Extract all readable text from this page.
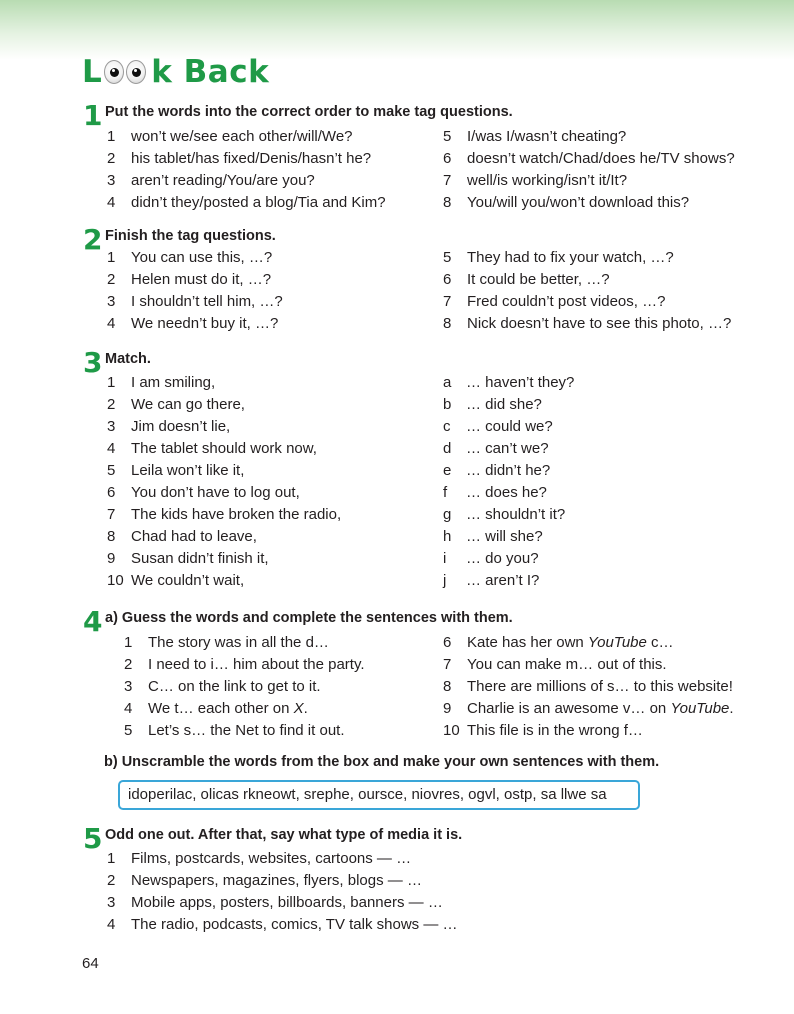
L k Back
1 Put the words into the correct order to make tag questions.
1 won’t we/see each other/will/We?
2 his tablet/has fixed/Denis/hasn’t he?
3 aren’t reading/You/are you?
4 didn’t they/posted a blog/Tia and Kim?
5 I/was I/wasn’t cheating?
6 doesn’t watch/Chad/does he/TV shows?
7 well/is working/isn’t it/It?
8 You/will you/won’t download this?
2 Finish the tag questions.
1 You can use this, …?
2 Helen must do it, …?
3 I shouldn’t tell him, …?
4 We needn’t buy it, …?
5 They had to fix your watch, …?
6 It could be better, …?
7 Fred couldn’t post videos, …?
8 Nick doesn’t have to see this photo, …?
3 Match.
1 I am smiling,
2 We can go there,
3 Jim doesn’t lie,
4 The tablet should work now,
5 Leila won’t like it,
6 You don’t have to log out,
7 The kids have broken the radio,
8 Chad had to leave,
9 Susan didn’t finish it,
10 We couldn’t wait,
a … haven’t they?
b … did she?
c … could we?
d … can’t we?
e … didn’t he?
f … does he?
g … shouldn’t it?
h … will she?
i … do you?
j … aren’t I?
4 a) Guess the words and complete the sentences with them.
1 The story was in all the d…
2 I need to i… him about the party.
3 C… on the link to get to it.
4 We t… each other on X.
5 Let’s s… the Net to find it out.
6 Kate has her own YouTube c…
7 You can make m… out of this.
8 There are millions of s… to this website!
9 Charlie is an awesome v… on YouTube.
10 This file is in the wrong f…
b) Unscramble the words from the box and make your own sentences with them.
idoperilac, olicas rkneowt, srephe, oursce, niovres, ogvl, ostp, sa llwe sa
5 Odd one out. After that, say what type of media it is.
1 Films, postcards, websites, cartoons — …
2 Newspapers, magazines, flyers, blogs — …
3 Mobile apps, posters, billboards, banners — …
4 The radio, podcasts, comics, TV talk shows — …
64
